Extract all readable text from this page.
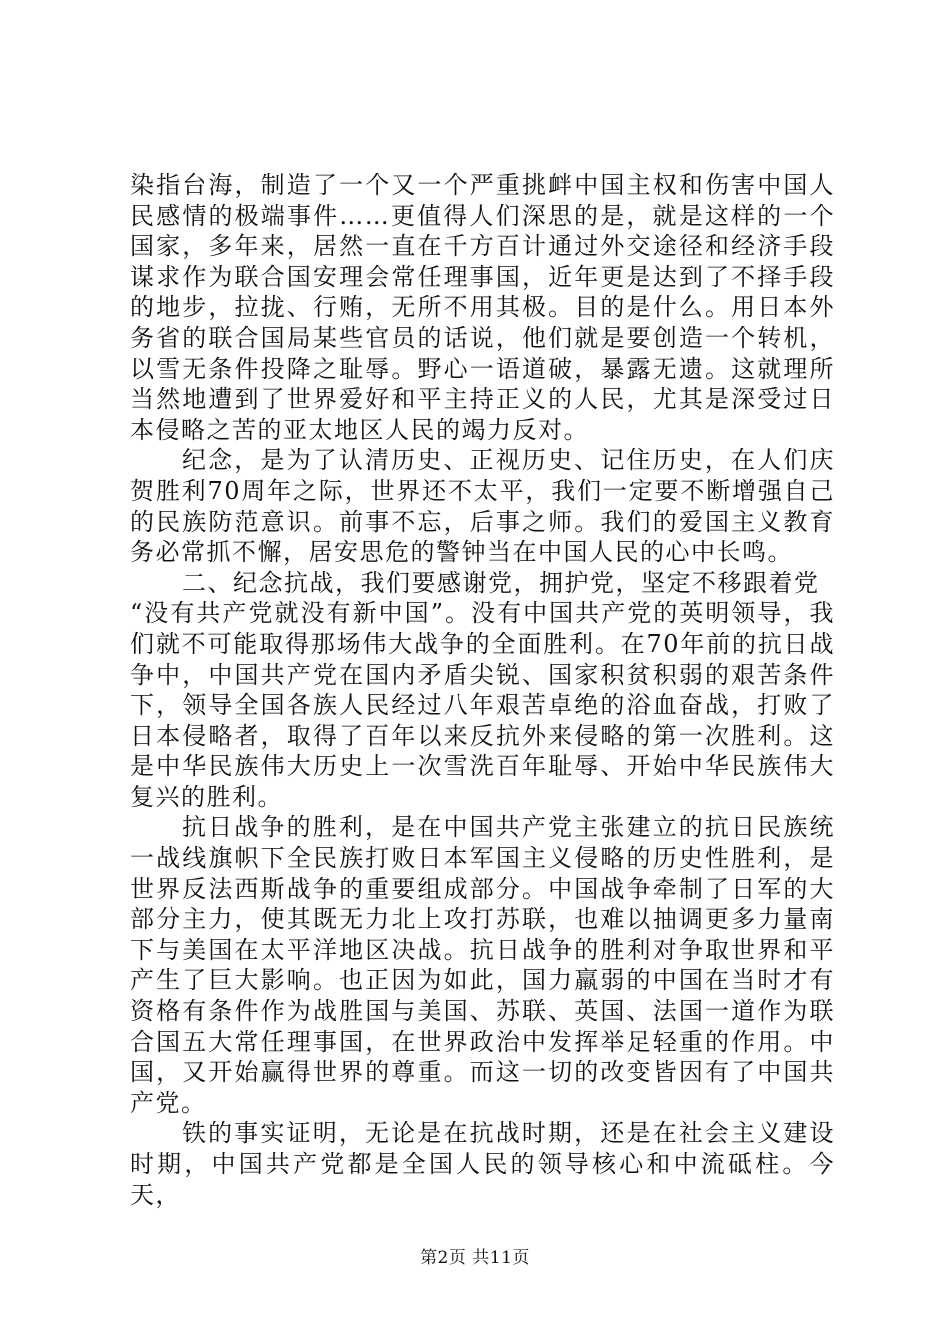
染指台海，制造了一个又一个严重挑衅中国主权和伤害中国人民感情的极端事件……更值得人们深思的是，就是这样的一个国家，多年来，居然一直在千方百计通过外交途径和经济手段谋求作为联合国安理会常任理事国，近年更是达到了不择手段的地步，拉拢、行贿，无所不用其极。目的是什么。用日本外务省的联合国局某些官员的话说，他们就是要创造一个转机，以雪无条件投降之耻辱。野心一语道破，暴露无遗。这就理所当然地遭到了世界爱好和平主持正义的人民，尤其是深受过日本侵略之苦的亚太地区人民的竭力反对。

纪念，是为了认清历史、正视历史、记住历史，在人们庆贺胜利70周年之际，世界还不太平，我们一定要不断增强自己的民族防范意识。前事不忘，后事之师。我们的爱国主义教育务必常抓不懈，居安思危的警钟当在中国人民的心中长鸣。

二、纪念抗战，我们要感谢党，拥护党，坚定不移跟着党

“没有共产党就没有新中国”。没有中国共产党的英明领导，我们就不可能取得那场伟大战争的全面胜利。在70年前的抗日战争中，中国共产党在国内矛盾尖锐、国家积贫积弱的艰苦条件下，领导全国各族人民经过八年艰苦卓绝的浴血奋战，打败了日本侵略者，取得了百年以来反抗外来侵略的第一次胜利。这是中华民族伟大历史上一次雪洗百年耻辱、开始中华民族伟大复兴的胜利。

抗日战争的胜利，是在中国共产党主张建立的抗日民族统一战线旗帜下全民族打败日本军国主义侵略的历史性胜利，是世界反法西斯战争的重要组成部分。中国战争牵制了日军的大部分主力，使其既无力北上攻打苏联，也难以抽调更多力量南下与美国在太平洋地区决战。抗日战争的胜利对争取世界和平产生了巨大影响。也正因为如此，国力羸弱的中国在当时才有资格有条件作为战胜国与美国、苏联、英国、法国一道作为联合国五大常任理事国，在世界政治中发挥举足轻重的作用。中国，又开始赢得世界的尊重。而这一切的改变皆因有了中国共产党。

铁的事实证明，无论是在抗战时期，还是在社会主义建设时期，中国共产党都是全国人民的领导核心和中流砥柱。今天，

第2页 共11页
